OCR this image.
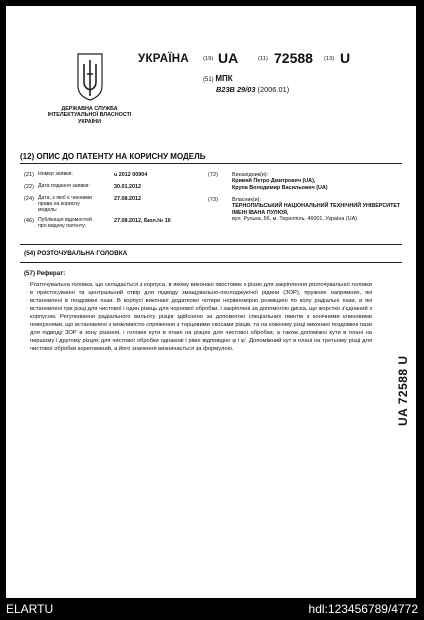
ДЕРЖАВНА СЛУЖБА ІНТЕЛЕКТУАЛЬНОЇ ВЛАСНОСТІ УКРАЇНИ
УКРАЇНА (19) UA	(11) 72588 (13) U
(51) МПК
B23B 29/03 (2006.01)
(12) ОПИС ДО ПАТЕНТУ НА КОРИСНУ МОДЕЛЬ
(21) Номер заявки:	u 2012 00904
(22) Дата подання заявки:	30.01.2012
(24) Дата, з якої є чинними права на корисну модель:
27.08.2012
(46) Публікація відомостей про видачу патенту:
27.08.2012, Бюл.№ 16
(72)	Винахідник(и):
Кривий Петро Дмитрович (UA),
Крупа Володимир Васильович (UA)
(73)	Власник(и):
ТЕРНОПІЛЬСЬКИЙ НАЦІОНАЛЬНИЙ ТЕХНІЧНИЙ УНІВЕРСИТЕТ ІМЕНІ ІВАНА ПУЛЮЯ,
вул. Руська, 56, м. Тернопіль, 46001, Україна (UA)
(54) РОЗТОЧУВАЛЬНА ГОЛОВКА
(57) Реферат:
Розточувальна головка, що складається з корпуса, в якому виконані хвостовик з різзю для закріплення розточувальної головки в пристосуванні та центральний отвір для підводу змащувально-охолоджуючої рідини (ЗОР), пружних напрямних, які встановлені в поздовжні пази. В корпусі виконані додатково чотири нерівномірно розміщені по колу радіальні пази, в які встановлені три різці для чистової і один різець для чорнової обробки, і закріплені за допомогою диска, що жорстко з'єднаний з корпусом. Регулювання радіального вильоту різців здійснено за допомогою спеціальних гвинтів з конічними клиновими поверхнями, що встановлені з можливістю спряження з торцевими скосами різців, та на кожному різці виконані поздовжні пази для підводу ЗОР в зону різання, і головні кути в плані на різцях для чистової обробки, а також допоміжні кути в плані на першому і другому різцях для чистової обробки однакові і рівні відповідно φ і φ'. Допоміжний кут в плані на третьому різці для чистової обробки корегований, а його значення визначається за формулою.
UA 72588 U
ELARTU	hdl:123456789/4772
